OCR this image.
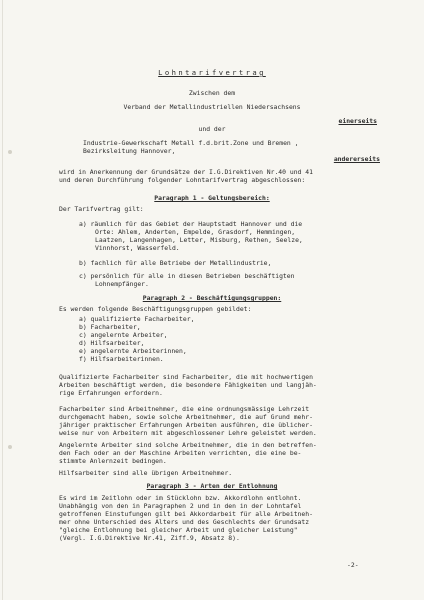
Lohntarifvertrag

Zwischen dem

Verband der Metallindustriellen Niedersachsens

einerseits

und der

Industrie-Gewerkschaft Metall f.d.brit.Zone und Bremen ,

Bezirksleitung Hannover,

andererseits

wird in Anerkennung der Grundsätze der I.G.Direktiven Nr.40 und 41

und deren Durchführung folgender Lohntarifvertrag abgeschlossen:

Paragraph 1 - Geltungsbereich:

Der Tarifvertrag gilt:

a) räumlich für das Gebiet der Hauptstadt Hannover und die

Orte: Ahlem, Anderten, Empelde, Grasdorf, Hemmingen,

Laatzen, Langenhagen, Letter, Misburg, Rethen, Seelze,

Vinnhorst, Wasserfeld.

b) fachlich für alle Betriebe der Metallindustrie,

c) persönlich für alle in diesen Betrieben beschäftigten

Lohnempfänger.

Paragraph 2 - Beschäftigungsgruppen:

Es werden folgende Beschäftigungsgruppen gebildet:

a) qualifizierte Facharbeiter,

b) Facharbeiter,

c) angelernte Arbeiter,

d) Hilfsarbeiter,

e) angelernte Arbeiterinnen,

f) Hilfsarbeiterinnen.

Qualifizierte Facharbeiter sind Facharbeiter, die mit hochwertigen

Arbeiten beschäftigt werden, die besondere Fähigkeiten und langjäh-

rige Erfahrungen erfordern.

Facharbeiter sind Arbeitnehmer, die eine ordnungsmässige Lehrzeit

durchgemacht haben, sowie solche Arbeitnehmer, die auf Grund mehr-

jähriger praktischer Erfahrungen Arbeiten ausführen, die üblicher-

weise nur von Arbeitern mit abgeschlossener Lehre geleistet werden.

Angelernte Arbeiter sind solche Arbeitnehmer, die in den betreffen-

den Fach oder an der Maschine Arbeiten verrichten, die eine be-

stimmte Anlernzeit bedingen.

Hilfsarbeiter sind alle übrigen Arbeitnehmer.

Paragraph 3 - Arten der Entlohnung

Es wird im Zeitlohn oder im Stücklohn bzw. Akkordlohn entlohnt.

Unabhängig von den in Paragraphen 2 und in den in der Lohntafel

getroffenen Einstufungen gilt bei Akkordarbeit für alle Arbeitneh-

mer ohne Unterschied des Alters und des Geschlechts der Grundsatz

"gleiche Entlohnung bei gleicher Arbeit und gleicher Leistung"

(Vergl. I.G.Direktive Nr.41, Ziff.9, Absatz 8).

-2-
